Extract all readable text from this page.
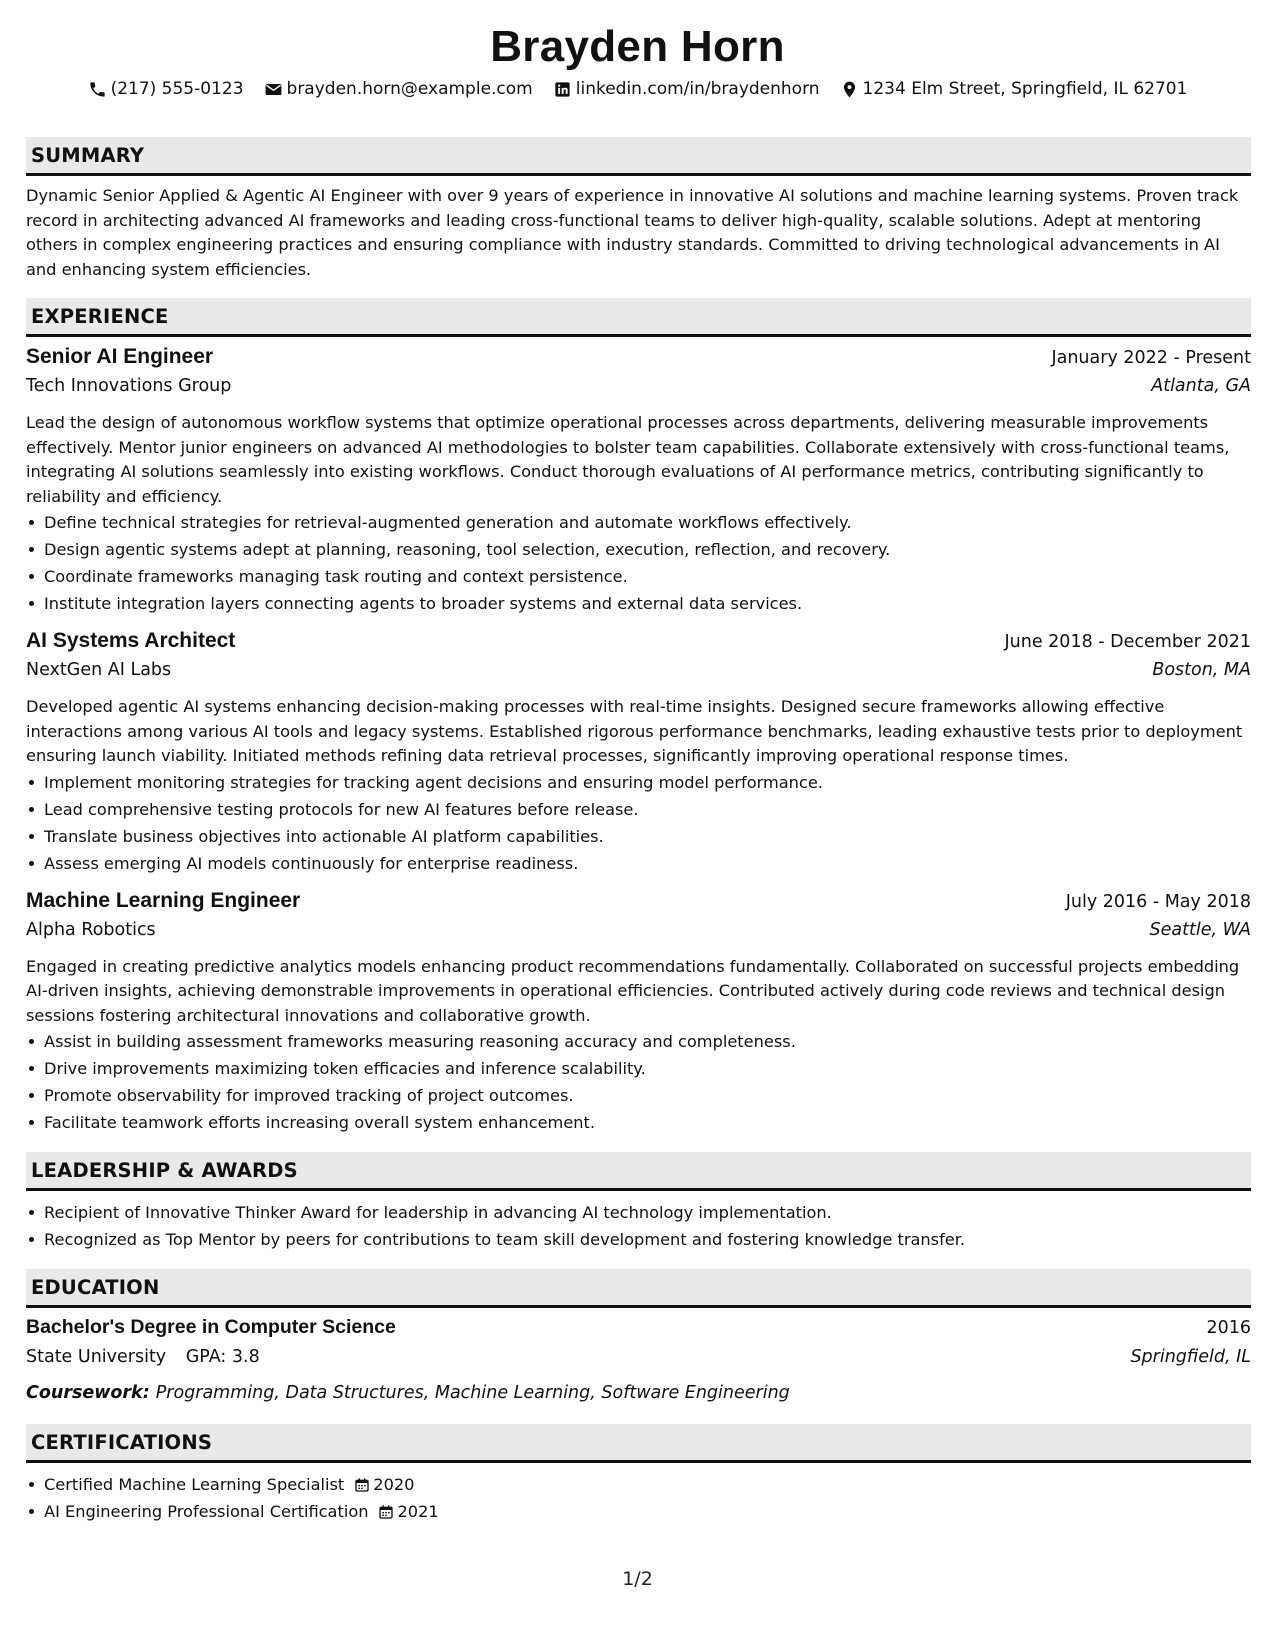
Brayden Horn
(217) 555-0123	brayden.horn@example.com	linkedin.com/in/braydenhorn	1234 Elm Street, Springfield, IL 62701
SUMMARY
Dynamic Senior Applied & Agentic AI Engineer with over 9 years of experience in innovative AI solutions and machine learning systems. Proven track record in architecting advanced AI frameworks and leading cross-functional teams to deliver high-quality, scalable solutions. Adept at mentoring others in complex engineering practices and ensuring compliance with industry standards. Committed to driving technological advancements in AI and enhancing system efficiencies.
EXPERIENCE
Senior AI Engineer	January 2022 - Present
Tech Innovations Group	Atlanta, GA
Lead the design of autonomous workflow systems that optimize operational processes across departments, delivering measurable improvements effectively. Mentor junior engineers on advanced AI methodologies to bolster team capabilities. Collaborate extensively with cross-functional teams, integrating AI solutions seamlessly into existing workflows. Conduct thorough evaluations of AI performance metrics, contributing significantly to reliability and efficiency.
Define technical strategies for retrieval-augmented generation and automate workflows effectively.
Design agentic systems adept at planning, reasoning, tool selection, execution, reflection, and recovery.
Coordinate frameworks managing task routing and context persistence.
Institute integration layers connecting agents to broader systems and external data services.
AI Systems Architect	June 2018 - December 2021
NextGen AI Labs	Boston, MA
Developed agentic AI systems enhancing decision-making processes with real-time insights. Designed secure frameworks allowing effective interactions among various AI tools and legacy systems. Established rigorous performance benchmarks, leading exhaustive tests prior to deployment ensuring launch viability. Initiated methods refining data retrieval processes, significantly improving operational response times.
Implement monitoring strategies for tracking agent decisions and ensuring model performance.
Lead comprehensive testing protocols for new AI features before release.
Translate business objectives into actionable AI platform capabilities.
Assess emerging AI models continuously for enterprise readiness.
Machine Learning Engineer	July 2016 - May 2018
Alpha Robotics	Seattle, WA
Engaged in creating predictive analytics models enhancing product recommendations fundamentally. Collaborated on successful projects embedding AI-driven insights, achieving demonstrable improvements in operational efficiencies. Contributed actively during code reviews and technical design sessions fostering architectural innovations and collaborative growth.
Assist in building assessment frameworks measuring reasoning accuracy and completeness.
Drive improvements maximizing token efficacies and inference scalability.
Promote observability for improved tracking of project outcomes.
Facilitate teamwork efforts increasing overall system enhancement.
LEADERSHIP & AWARDS
Recipient of Innovative Thinker Award for leadership in advancing AI technology implementation.
Recognized as Top Mentor by peers for contributions to team skill development and fostering knowledge transfer.
EDUCATION
Bachelor's Degree in Computer Science	2016
State University GPA: 3.8	Springfield, IL
Coursework: Programming, Data Structures, Machine Learning, Software Engineering
CERTIFICATIONS
Certified Machine Learning Specialist 2020
AI Engineering Professional Certification 2021
1/2
